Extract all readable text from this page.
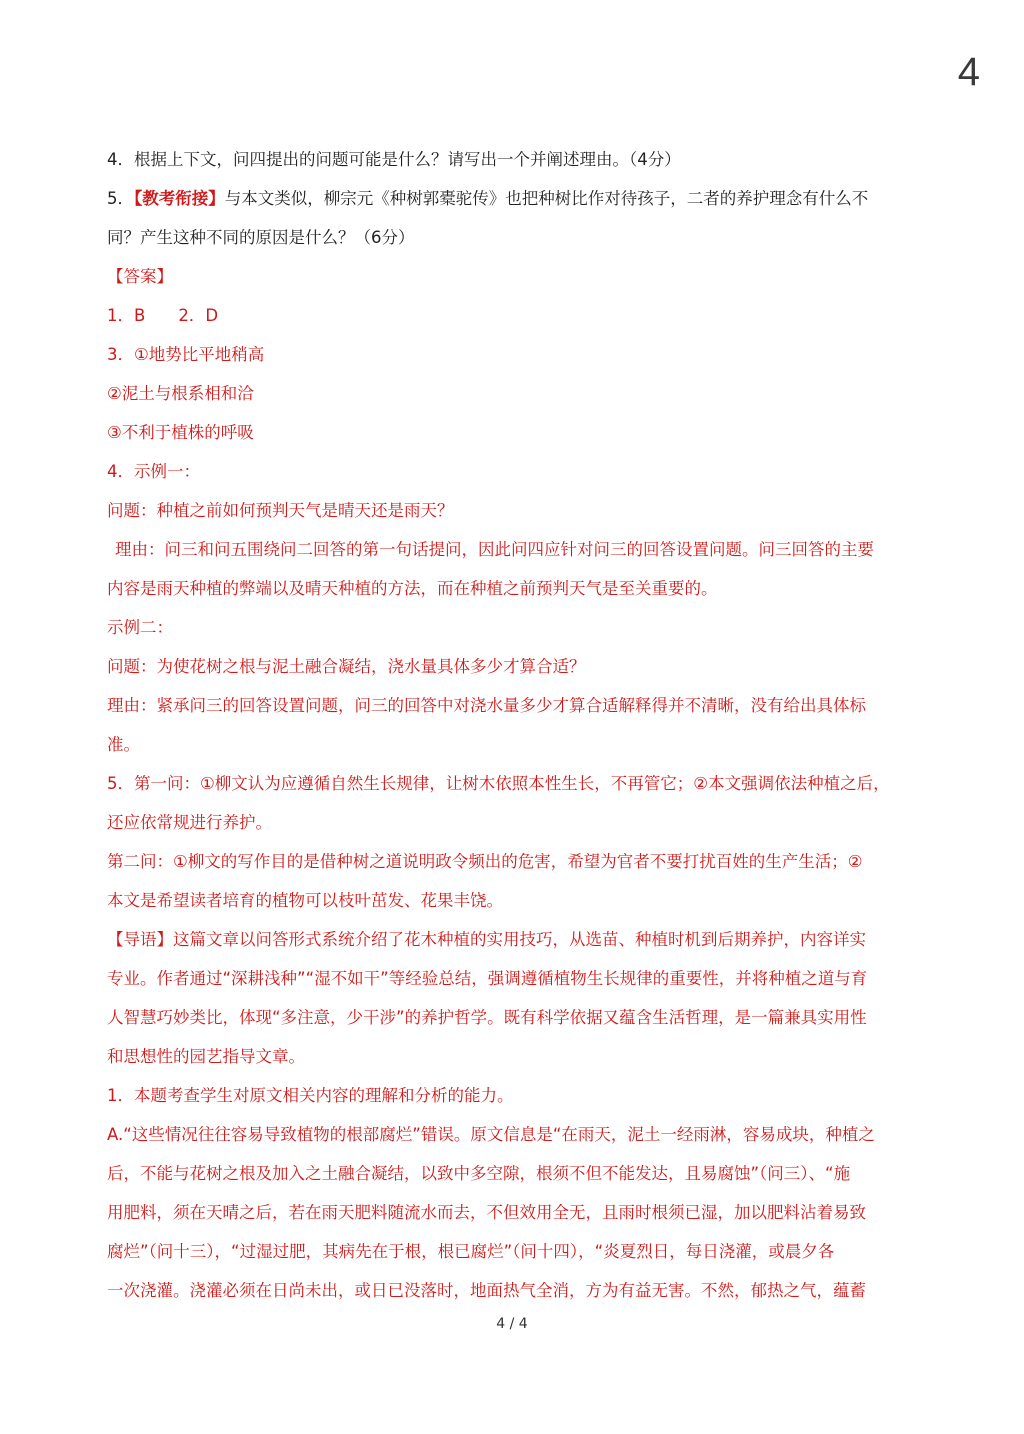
4
4．根据上下文，问四提出的问题可能是什么？请写出一个并阐述理由。（4分）
5．【教考衔接】与本文类似，柳宗元《种树郭橐驼传》也把种树比作对待孩子，二者的养护理念有什么不
同？产生这种不同的原因是什么？（6分）
【答案】
1．B　　2．D
3．①地势比平地稍高
②泥土与根系相和洽
③不利于植株的呼吸
4．示例一：
问题：种植之前如何预判天气是晴天还是雨天？
理由：问三和问五围绕问二回答的第一句话提问，因此问四应针对问三的回答设置问题。问三回答的主要
内容是雨天种植的弊端以及晴天种植的方法，而在种植之前预判天气是至关重要的。
示例二：
问题：为使花树之根与泥土融合凝结，浇水量具体多少才算合适？
理由：紧承问三的回答设置问题，问三的回答中对浇水量多少才算合适解释得并不清晰，没有给出具体标
准。
5．第一问：①柳文认为应遵循自然生长规律，让树木依照本性生长，不再管它；②本文强调依法种植之后，
还应依常规进行养护。
第二问：①柳文的写作目的是借种树之道说明政令频出的危害，希望为官者不要打扰百姓的生产生活；②
本文是希望读者培育的植物可以枝叶茁发、花果丰饶。
【导语】这篇文章以问答形式系统介绍了花木种植的实用技巧，从选苗、种植时机到后期养护，内容详实
专业。作者通过“深耕浅种”“湿不如干”等经验总结，强调遵循植物生长规律的重要性，并将种植之道与育
人智慧巧妙类比，体现“多注意，少干涉”的养护哲学。既有科学依据又蕴含生活哲理，是一篇兼具实用性
和思想性的园艺指导文章。
1．本题考查学生对原文相关内容的理解和分析的能力。
A.“这些情况往往容易导致植物的根部腐烂”错误。原文信息是“在雨天，泥土一经雨淋，容易成块，种植之
后，不能与花树之根及加入之土融合凝结，以致中多空隙，根须不但不能发达，且易腐蚀”（问三）、“施
用肥料，须在天晴之后，若在雨天肥料随流水而去，不但效用全无，且雨时根须已湿，加以肥料沾着易致
腐烂”（问十三），“过湿过肥，其病先在于根，根已腐烂”（问十四），“炎夏烈日，每日浇灌，或晨夕各
一次浇灌。浇灌必须在日尚未出，或日已没落时，地面热气全消，方为有益无害。不然，郁热之气，蕴蓄
4 / 4
